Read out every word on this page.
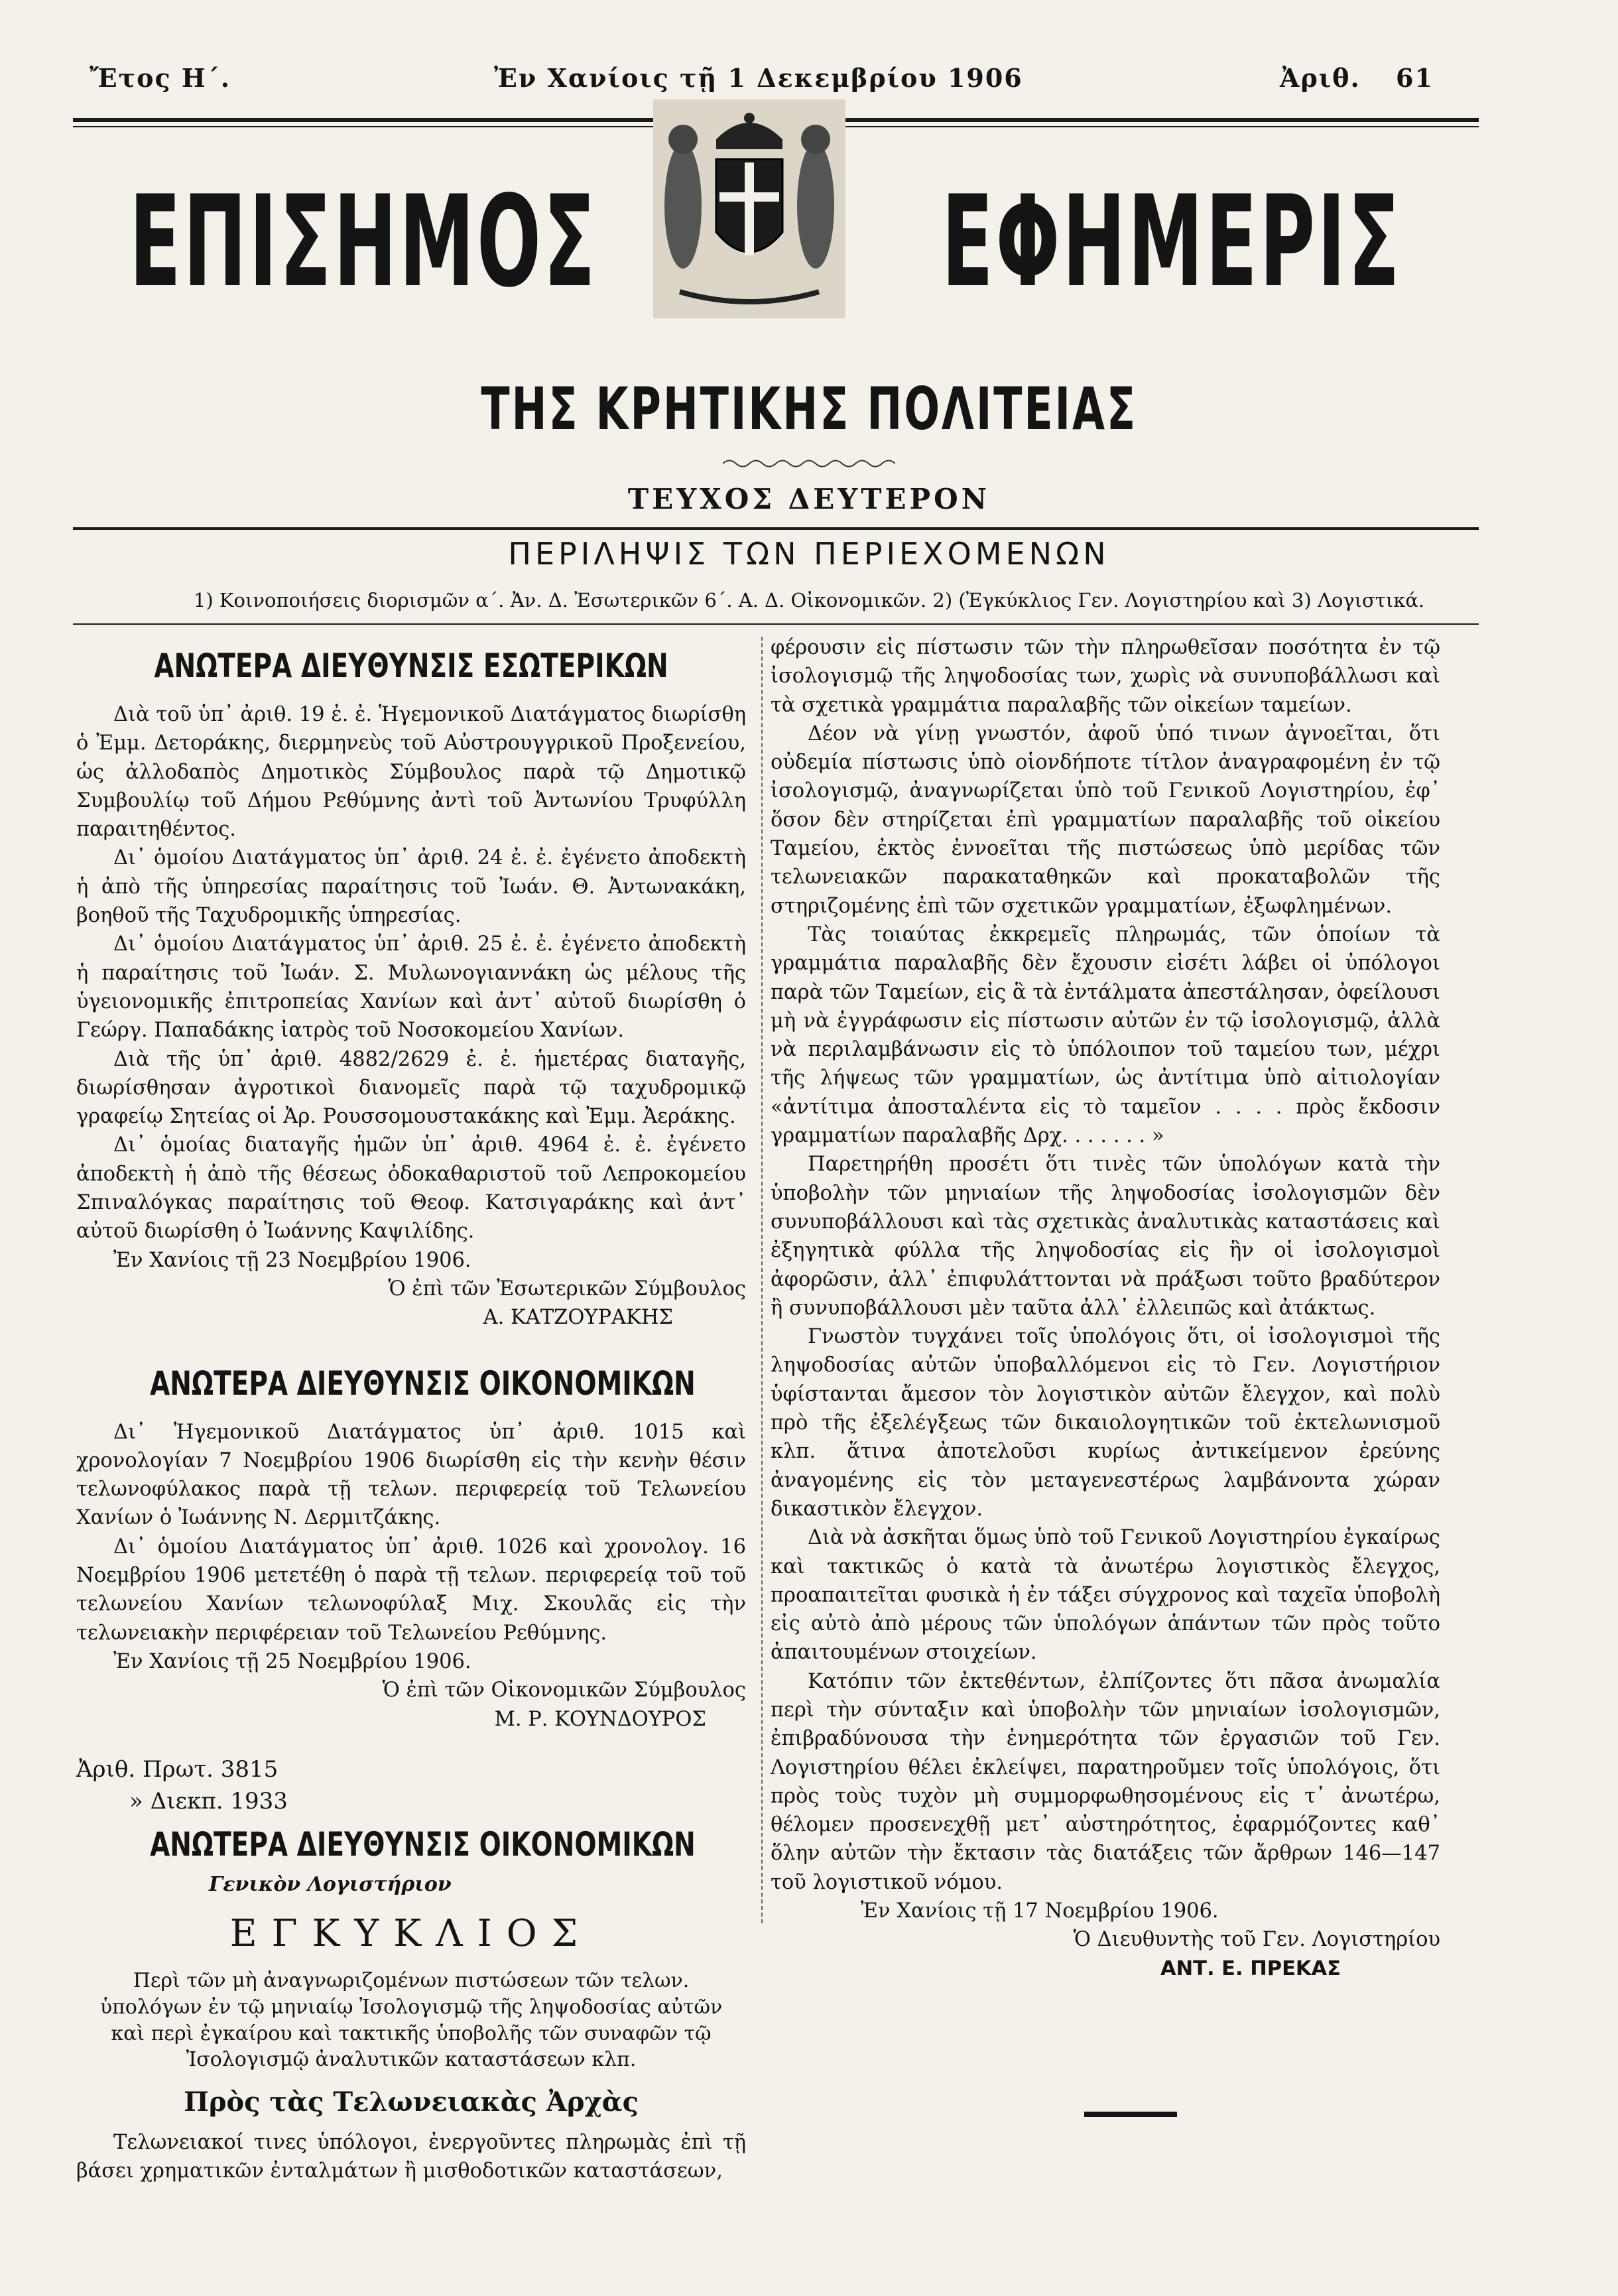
Ἔτος Η΄.	Ἐν Χανίοις τῇ 1 Δεκεμβρίου 1906	Ἀριθ. 61
ΕΠΙΣΗΜΟΣ	ΕΦΗΜΕΡΙΣ
ΤΗΣ ΚΡΗΤΙΚΗΣ ΠΟΛΙΤΕΙΑΣ
ΤΕΥΧΟΣ ΔΕΥΤΕΡΟΝ
ΠΕΡΙΛΗΨΙΣ ΤΩΝ ΠΕΡΙΕΧΟΜΕΝΩΝ
1) Κοινοποιήσεις διορισμῶν α΄. Ἀν. Δ. Ἐσωτερικῶν 6΄. Α. Δ. Οἰκονομικῶν. 2) (Ἐγκύκλιος Γεν. Λογιστηρίου καὶ 3) Λογιστικά.
ΑΝΩΤΕΡΑ ΔΙΕΥΘΥΝΣΙΣ ΕΣΩΤΕΡΙΚΩΝ

Διὰ τοῦ ὑπ᾿ ἀριθ. 19 ἐ. ἐ. Ἡγεμονικοῦ Διατάγματος διωρίσθη ὁ Ἐμμ. Δετοράκης, διερμηνεὺς τοῦ Αὐστρουγγρικοῦ Προξενείου, ὡς ἀλλοδαπὸς Δημοτικὸς Σύμβουλος παρὰ τῷ Δημοτικῷ Συμβουλίῳ τοῦ Δήμου Ρεθύμνης ἀντὶ τοῦ Ἀντωνίου Τρυφύλλη παραιτηθέντος.

Δι᾿ ὁμοίου Διατάγματος ὑπ᾿ ἀριθ. 24 ἐ. ἐ. ἐγένετο ἀποδεκτὴ ἡ ἀπὸ τῆς ὑπηρεσίας παραίτησις τοῦ Ἰωάν. Θ. Ἀντωνακάκη, βοηθοῦ τῆς Ταχυδρομικῆς ὑπηρεσίας.

Δι᾿ ὁμοίου Διατάγματος ὑπ᾿ ἀριθ. 25 ἐ. ἐ. ἐγένετο ἀποδεκτὴ ἡ παραίτησις τοῦ Ἰωάν. Σ. Μυλωνογιαννάκη ὡς μέλους τῆς ὑγειονομικῆς ἐπιτροπείας Χανίων καὶ ἀντ᾿ αὐτοῦ διωρίσθη ὁ Γεώργ. Παπαδάκης ἰατρὸς τοῦ Νοσοκομείου Χανίων.

Διὰ τῆς ὑπ᾿ ἀριθ. 4882/2629 ἐ. ἐ. ἡμετέρας διαταγῆς, διωρίσθησαν ἀγροτικοὶ διανομεῖς παρὰ τῷ ταχυδρομικῷ γραφείῳ Σητείας οἱ Ἀρ. Ρουσσομουστακάκης καὶ Ἐμμ. Ἀεράκης.

Δι᾿ ὁμοίας διαταγῆς ἡμῶν ὑπ᾿ ἀριθ. 4964 ἐ. ἐ. ἐγένετο ἀποδεκτὴ ἡ ἀπὸ τῆς θέσεως ὀδοκαθαριστοῦ τοῦ Λεπροκομείου Σπιναλόγκας παραίτησις τοῦ Θεοφ. Κατσιγαράκης καὶ ἀντ᾿ αὐτοῦ διωρίσθη ὁ Ἰωάννης Καψιλίδης.

Ἐν Χανίοις τῇ 23 Νοεμβρίου 1906.

Ὁ ἐπὶ τῶν Ἐσωτερικῶν Σύμβουλος
Α. ΚΑΤΖΟΥΡΑΚΗΣ
ΑΝΩΤΕΡΑ ΔΙΕΥΘΥΝΣΙΣ ΟΙΚΟΝΟΜΙΚΩΝ

Δι᾿ Ἡγεμονικοῦ Διατάγματος ὑπ᾿ ἀριθ. 1015 καὶ χρονολογίαν 7 Νοεμβρίου 1906 διωρίσθη εἰς τὴν κενὴν θέσιν τελωνοφύλακος παρὰ τῇ τελων. περιφερείᾳ τοῦ Τελωνείου Χανίων ὁ Ἰωάννης Ν. Δερμιτζάκης.

Δι᾿ ὁμοίου Διατάγματος ὑπ᾿ ἀριθ. 1026 καὶ χρονολογ. 16 Νοεμβρίου 1906 μετετέθη ὁ παρὰ τῇ τελων. περιφερείᾳ τοῦ τοῦ τελωνείου Χανίων τελωνοφύλαξ Μιχ. Σκουλᾶς εἰς τὴν τελωνειακὴν περιφέρειαν τοῦ Τελωνείου Ρεθύμνης.

Ἐν Χανίοις τῇ 25 Νοεμβρίου 1906.

Ὁ ἐπὶ τῶν Οἰκονομικῶν Σύμβουλος
Μ. Ρ. ΚΟΥΝΔΟΥΡΟΣ
Ἀριθ. Πρωτ. 3815
» Διεκπ. 1933
ΑΝΩΤΕΡΑ ΔΙΕΥΘΥΝΣΙΣ ΟΙΚΟΝΟΜΙΚΩΝ
Γενικὸν Λογιστήριον
ΕΓΚΥΚΛΙΟΣ
Περὶ τῶν μὴ ἀναγνωριζομένων πιστώσεων τῶν τελων. ὑπολόγων ἐν τῷ μηνιαίῳ Ἰσολογισμῷ τῆς ληψοδοσίας αὐτῶν καὶ περὶ ἐγκαίρου καὶ τακτικῆς ὑποβολῆς τῶν συναφῶν τῷ Ἰσολογισμῷ ἀναλυτικῶν καταστάσεων κλπ.
Πρὸς τὰς Τελωνειακὰς Ἀρχὰς

Τελωνειακοί τινες ὑπόλογοι, ἐνεργοῦντες πληρωμὰς ἐπὶ τῇ βάσει χρηματικῶν ἐνταλμάτων ἢ μισθοδοτικῶν καταστάσεων,

φέρουσιν εἰς πίστωσιν τῶν τὴν πληρωθεῖσαν ποσότητα ἐν τῷ ἰσολογισμῷ τῆς ληψοδοσίας των, χωρὶς νὰ συνυποβάλλωσι καὶ τὰ σχετικὰ γραμμάτια παραλαβῆς τῶν οἰκείων ταμείων.

Δέον νὰ γίνῃ γνωστόν, ἀφοῦ ὑπό τινων ἀγνοεῖται, ὅτι οὐδεμία πίστωσις ὑπὸ οἱονδήποτε τίτλον ἀναγραφομένη ἐν τῷ ἰσολογισμῷ, ἀναγνωρίζεται ὑπὸ τοῦ Γενικοῦ Λογιστηρίου, ἐφ᾿ ὅσον δὲν στηρίζεται ἐπὶ γραμματίων παραλαβῆς τοῦ οἰκείου Ταμείου, ἐκτὸς ἐννοεῖται τῆς πιστώσεως ὑπὸ μερίδας τῶν τελωνειακῶν παρακαταθηκῶν καὶ προκαταβολῶν τῆς στηριζομένης ἐπὶ τῶν σχετικῶν γραμματίων, ἐξωφλημένων.

Τὰς τοιαύτας ἐκκρεμεῖς πληρωμάς, τῶν ὁποίων τὰ γραμμάτια παραλαβῆς δὲν ἔχουσιν εἰσέτι λάβει οἱ ὑπόλογοι παρὰ τῶν Ταμείων, εἰς ἃ τὰ ἐντάλματα ἀπεστάλησαν, ὀφείλουσι μὴ νὰ ἐγγράφωσιν εἰς πίστωσιν αὐτῶν ἐν τῷ ἰσολογισμῷ, ἀλλὰ νὰ περιλαμβάνωσιν εἰς τὸ ὑπόλοιπον τοῦ ταμείου των, μέχρι τῆς λήψεως τῶν γραμματίων, ὡς ἀντίτιμα ὑπὸ αἰτιολογίαν «ἀντίτιμα ἀποσταλέντα εἰς τὸ ταμεῖον . . . . πρὸς ἔκδοσιν γραμματίων παραλαβῆς Δρχ. . . . . . . »

Παρετηρήθη προσέτι ὅτι τινὲς τῶν ὑπολόγων κατὰ τὴν ὑποβολὴν τῶν μηνιαίων τῆς ληψοδοσίας ἰσολογισμῶν δὲν συνυποβάλλουσι καὶ τὰς σχετικὰς ἀναλυτικὰς καταστάσεις καὶ ἐξηγητικὰ φύλλα τῆς ληψοδοσίας εἰς ἣν οἱ ἰσολογισμοὶ ἀφορῶσιν, ἀλλ᾿ ἐπιφυλάττονται νὰ πράξωσι τοῦτο βραδύτερον ἢ συνυποβάλλουσι μὲν ταῦτα ἀλλ᾿ ἐλλειπῶς καὶ ἀτάκτως.

Γνωστὸν τυγχάνει τοῖς ὑπολόγοις ὅτι, οἱ ἰσολογισμοὶ τῆς ληψοδοσίας αὐτῶν ὑποβαλλόμενοι εἰς τὸ Γεν. Λογιστήριον ὑφίστανται ἄμεσον τὸν λογιστικὸν αὐτῶν ἔλεγχον, καὶ πολὺ πρὸ τῆς ἐξελέγξεως τῶν δικαιολογητικῶν τοῦ ἐκτελωνισμοῦ κλπ. ἅτινα ἀποτελοῦσι κυρίως ἀντικείμενον ἐρεύνης ἀναγομένης εἰς τὸν μεταγενεστέρως λαμβάνοντα χώραν δικαστικὸν ἔλεγχον.

Διὰ νὰ ἀσκῆται ὅμως ὑπὸ τοῦ Γενικοῦ Λογιστηρίου ἐγκαίρως καὶ τακτικῶς ὁ κατὰ τὰ ἀνωτέρω λογιστικὸς ἔλεγχος, προαπαιτεῖται φυσικὰ ἡ ἐν τάξει σύγχρονος καὶ ταχεῖα ὑποβολὴ εἰς αὐτὸ ἀπὸ μέρους τῶν ὑπολόγων ἁπάντων τῶν πρὸς τοῦτο ἀπαιτουμένων στοιχείων.

Κατόπιν τῶν ἐκτεθέντων, ἐλπίζοντες ὅτι πᾶσα ἀνωμαλία περὶ τὴν σύνταξιν καὶ ὑποβολὴν τῶν μηνιαίων ἰσολογισμῶν, ἐπιβραδύνουσα τὴν ἐνημερότητα τῶν ἐργασιῶν τοῦ Γεν. Λογιστηρίου θέλει ἐκλείψει, παρατηροῦμεν τοῖς ὑπολόγοις, ὅτι πρὸς τοὺς τυχὸν μὴ συμμορφωθησομένους εἰς τ᾿ ἀνωτέρω, θέλομεν προσενεχθῇ μετ᾿ αὐστηρότητος, ἐφαρμόζοντες καθ᾿ ὅλην αὐτῶν τὴν ἔκτασιν τὰς διατάξεις τῶν ἄρθρων 146—147 τοῦ λογιστικοῦ νόμου.

Ἐν Χανίοις τῇ 17 Νοεμβρίου 1906.

Ὁ Διευθυντὴς τοῦ Γεν. Λογιστηρίου
ΑΝΤ. Ε. ΠΡΕΚΑΣ
